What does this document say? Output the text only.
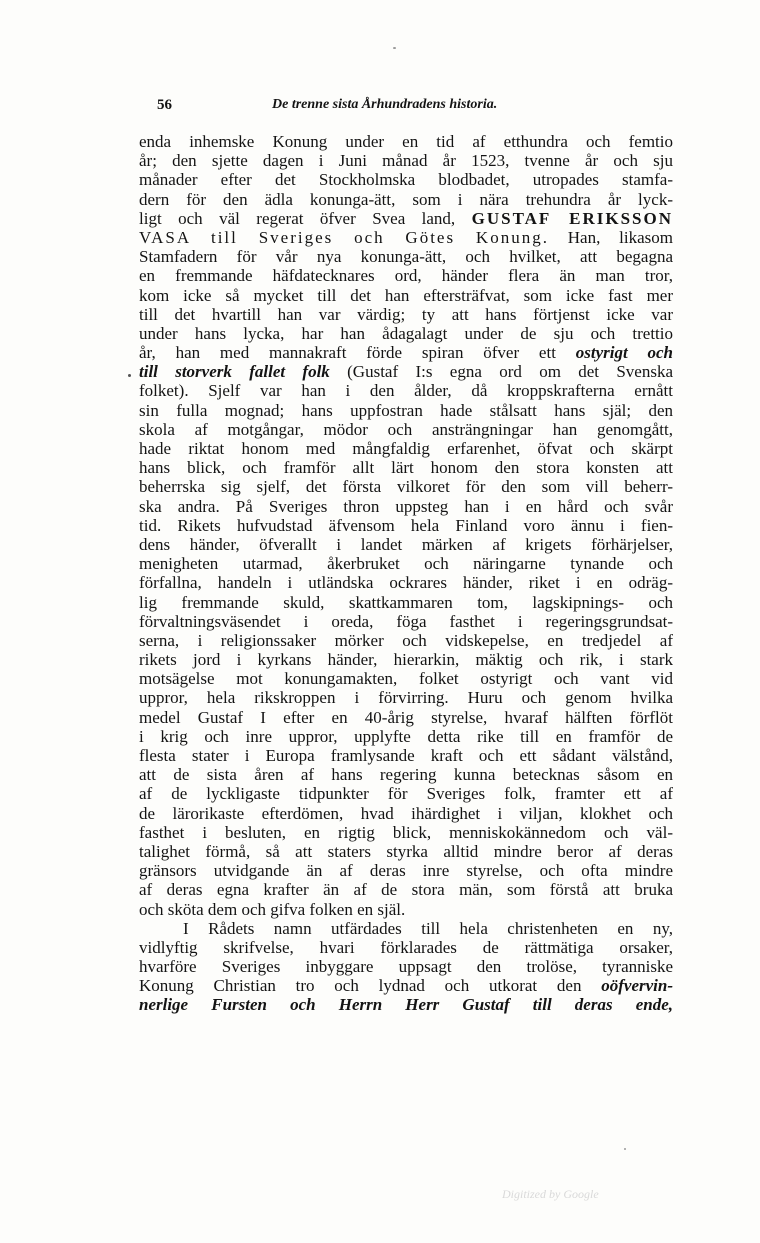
56	De trenne sista Århundradens historia.
enda inhemske Konung under en tid af etthundra och femtio
år; den sjette dagen i Juni månad år 1523, tvenne år och sju
månader efter det Stockholmska blodbadet, utropades stamfa-
dern för den ädla konunga-ätt, som i nära trehundra år lyck-
ligt och väl regerat öfver Svea land, GUSTAF ERIKSSON
VASA till Sveriges och Götes Konung. Han, likasom
Stamfadern för vår nya konunga-ätt, och hvilket, att begagna
en fremmande häfdatecknares ord, händer flera än man tror,
kom icke så mycket till det han eftersträfvat, som icke fast mer
till det hvartill han var värdig; ty att hans förtjenst icke var
under hans lycka, har han ådagalagt under de sju och trettio
år, han med mannakraft förde spiran öfver ett ostyrigt och
till storverk fallet folk (Gustaf I:s egna ord om det Svenska
folket). Sjelf var han i den ålder, då kroppskrafterna ernått
sin fulla mognad; hans uppfostran hade stålsatt hans själ; den
skola af motgångar, mödor och ansträngningar han genomgått,
hade riktat honom med mångfaldig erfarenhet, öfvat och skärpt
hans blick, och framför allt lärt honom den stora konsten att
beherrska sig sjelf, det första vilkoret för den som vill beherr-
ska andra. På Sveriges thron uppsteg han i en hård och svår
tid. Rikets hufvudstad äfvensom hela Finland voro ännu i fien-
dens händer, öfverallt i landet märken af krigets förhärjelser,
menigheten utarmad, åkerbruket och näringarne tynande och
förfallna, handeln i utländska ockrares händer, riket i en odräg-
lig fremmande skuld, skattkammaren tom, lagskipnings- och
förvaltningsväsendet i oreda, föga fasthet i regeringsgrundsat-
serna, i religionssaker mörker och vidskepelse, en tredjedel af
rikets jord i kyrkans händer, hierarkin, mäktig och rik, i stark
motsägelse mot konungamakten, folket ostyrigt och vant vid
uppror, hela rikskroppen i förvirring. Huru och genom hvilka
medel Gustaf I efter en 40-årig styrelse, hvaraf hälften förflöt
i krig och inre uppror, upplyfte detta rike till en framför de
flesta stater i Europa framlysande kraft och ett sådant välstånd,
att de sista åren af hans regering kunna betecknas såsom en
af de lyckligaste tidpunkter för Sveriges folk, framter ett af
de lärorikaste efterdömen, hvad ihärdighet i viljan, klokhet och
fasthet i besluten, en rigtig blick, menniskokännedom och väl-
talighet förmå, så att staters styrka alltid mindre beror af deras
gränsors utvidgande än af deras inre styrelse, och ofta mindre
af deras egna krafter än af de stora män, som förstå att bruka
och sköta dem och gifva folken en själ.
I Rådets namn utfärdades till hela christenheten en ny,
vidlyftig skrifvelse, hvari förklarades de rättmätiga orsaker,
hvarföre Sveriges inbyggare uppsagt den trolöse, tyranniske
Konung Christian tro och lydnad och utkorat den oöfvervin-
nerlige Fursten och Herrn Herr Gustaf till deras ende,
Digitized by Google
